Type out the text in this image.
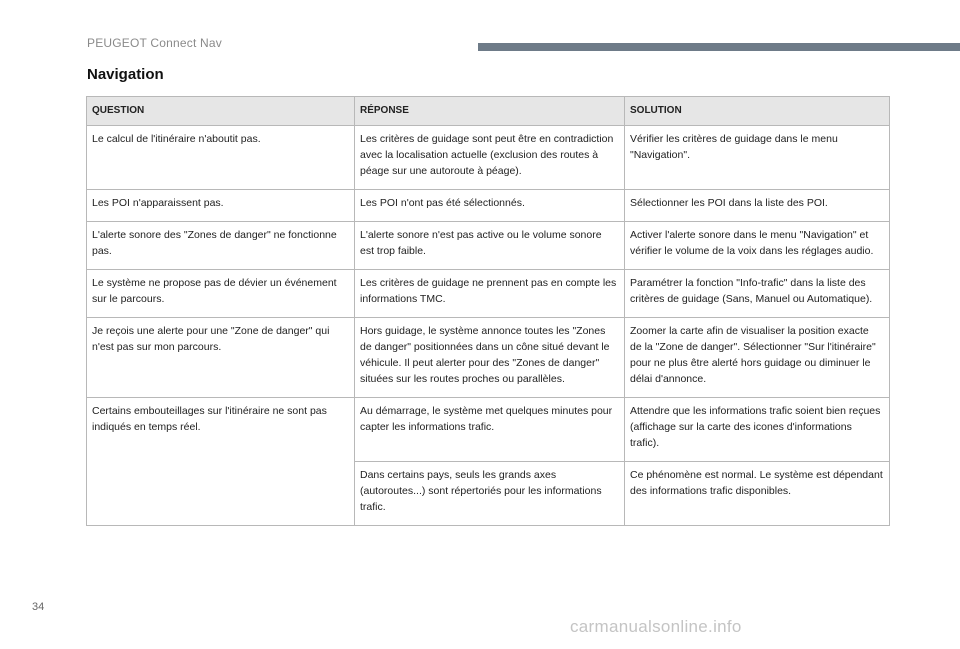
PEUGEOT Connect Nav
Navigation
QUESTION	RÉPONSE	SOLUTION
Le calcul de l'itinéraire n'aboutit pas.	Les critères de guidage sont peut être en contradiction avec la localisation actuelle (exclusion des routes à péage sur une autoroute à péage).	Vérifier les critères de guidage dans le menu "Navigation".
Les POI n'apparaissent pas.	Les POI n'ont pas été sélectionnés.	Sélectionner les POI dans la liste des POI.
L'alerte sonore des "Zones de danger" ne fonctionne pas.	L'alerte sonore n'est pas active ou le volume sonore est trop faible.	Activer l'alerte sonore dans le menu "Navigation" et vérifier le volume de la voix dans les réglages audio.
Le système ne propose pas de dévier un événement sur le parcours.	Les critères de guidage ne prennent pas en compte les informations TMC.	Paramétrer la fonction "Info-trafic" dans la liste des critères de guidage (Sans, Manuel ou Automatique).
Je reçois une alerte pour une "Zone de danger" qui n'est pas sur mon parcours.	Hors guidage, le système annonce toutes les "Zones de danger" positionnées dans un cône situé devant le véhicule. Il peut alerter pour des "Zones de danger" situées sur les routes proches ou parallèles.	Zoomer la carte afin de visualiser la position exacte de la "Zone de danger". Sélectionner "Sur l'itinéraire" pour ne plus être alerté hors guidage ou diminuer le délai d'annonce.
Certains embouteillages sur l'itinéraire ne sont pas indiqués en temps réel.	Au démarrage, le système met quelques minutes pour capter les informations trafic.	Attendre que les informations trafic soient bien reçues (affichage sur la carte des icones d'informations trafic).
	Dans certains pays, seuls les grands axes (autoroutes...) sont répertoriés pour les informations trafic.	Ce phénomène est normal. Le système est dépendant des informations trafic disponibles.
34
carmanualsonline.info
